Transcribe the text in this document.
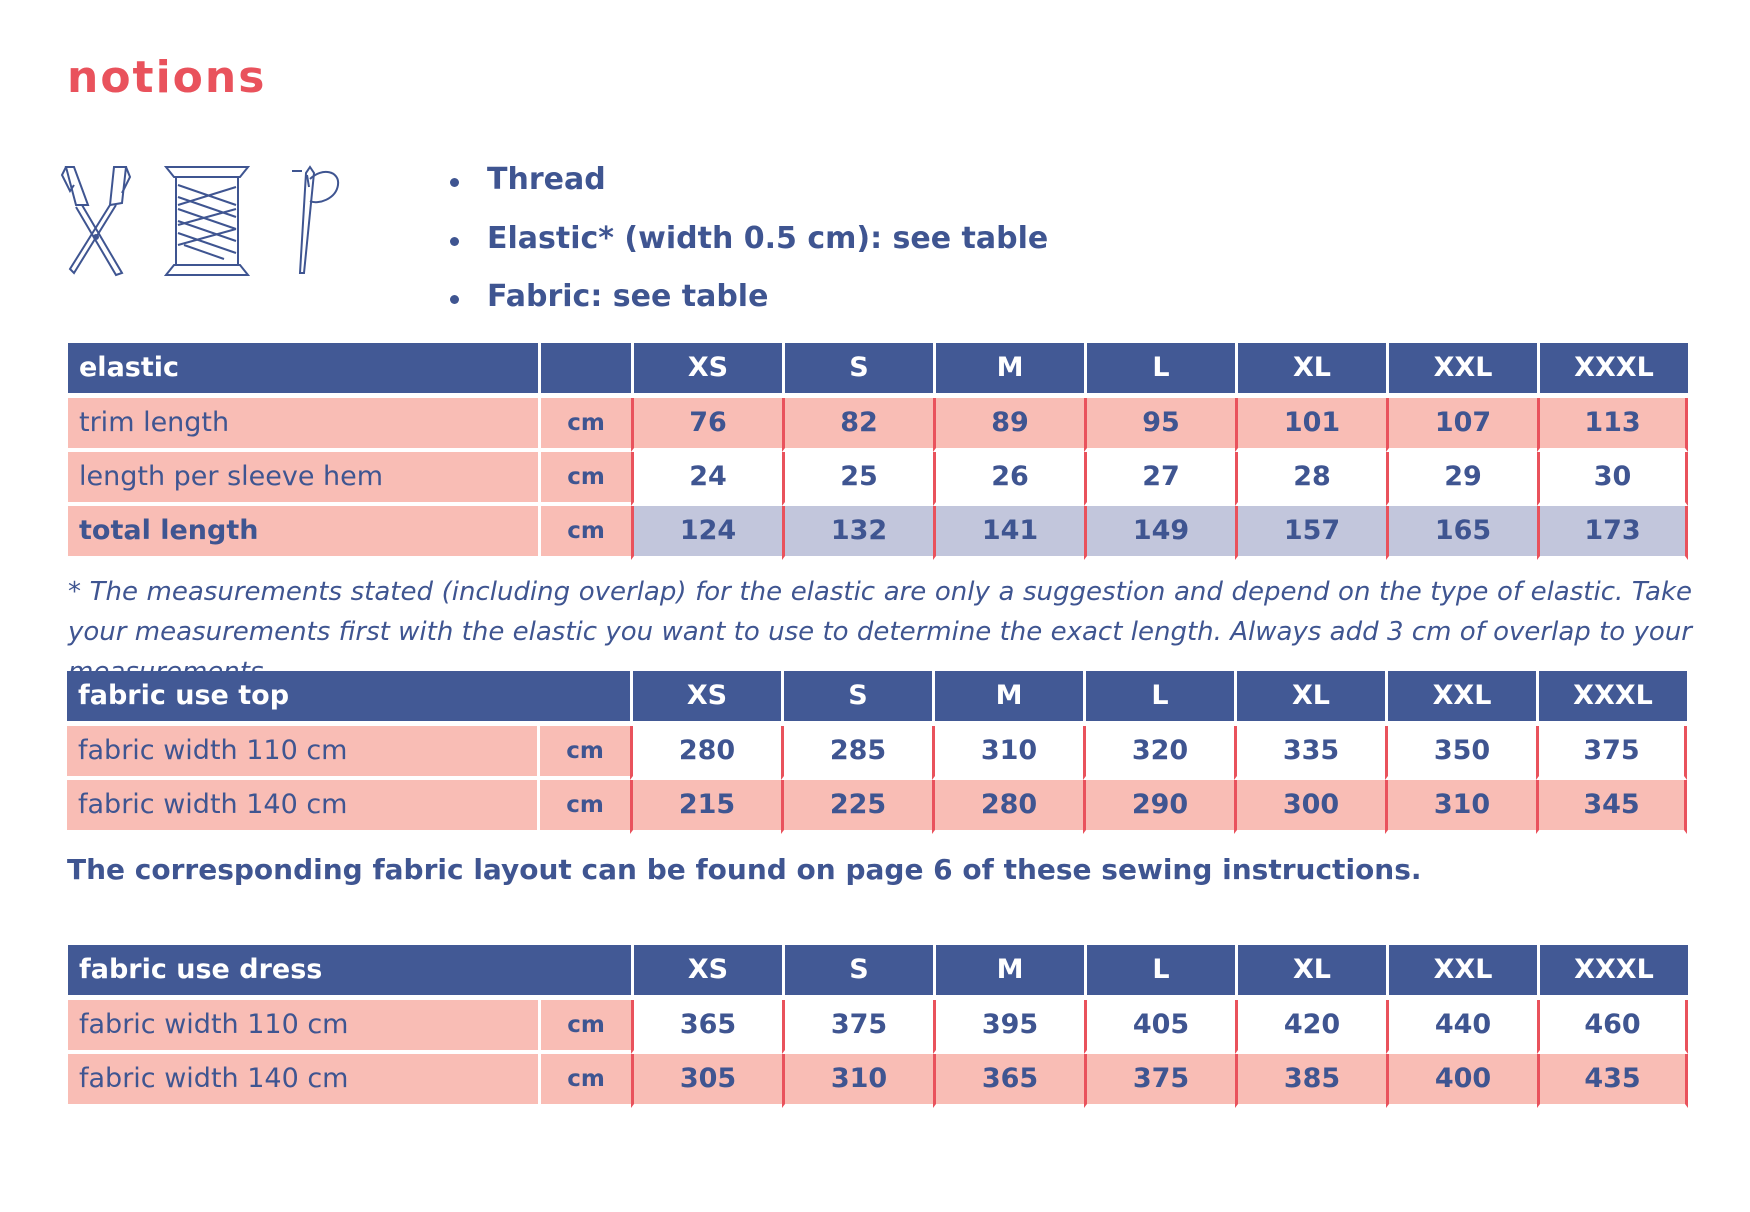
notions
Thread
Elastic* (width 0.5 cm): see table
Fabric: see table
elastic		XS	S	M	L	XL	XXL	XXXL
trim length	cm	76	82	89	95	101	107	113
length per sleeve hem	cm	24	25	26	27	28	29	30
total length	cm	124	132	141	149	157	165	173
* The measurements stated (including overlap) for the elastic are only a suggestion and depend on the type of elastic. Take your measurements first with the elastic you want to use to determine the exact length. Always add 3 cm of overlap to your
fabric use top		XS	S	M	L	XL	XXL	XXXL
fabric width 110 cm	cm	280	285	310	320	335	350	375
fabric width 140 cm	cm	215	225	280	290	300	310	345
The corresponding fabric layout can be found on page 6 of these sewing instructions.
fabric use dress		XS	S	M	L	XL	XXL	XXXL
fabric width 110 cm	cm	365	375	395	405	420	440	460
fabric width 140 cm	cm	305	310	365	375	385	400	435
